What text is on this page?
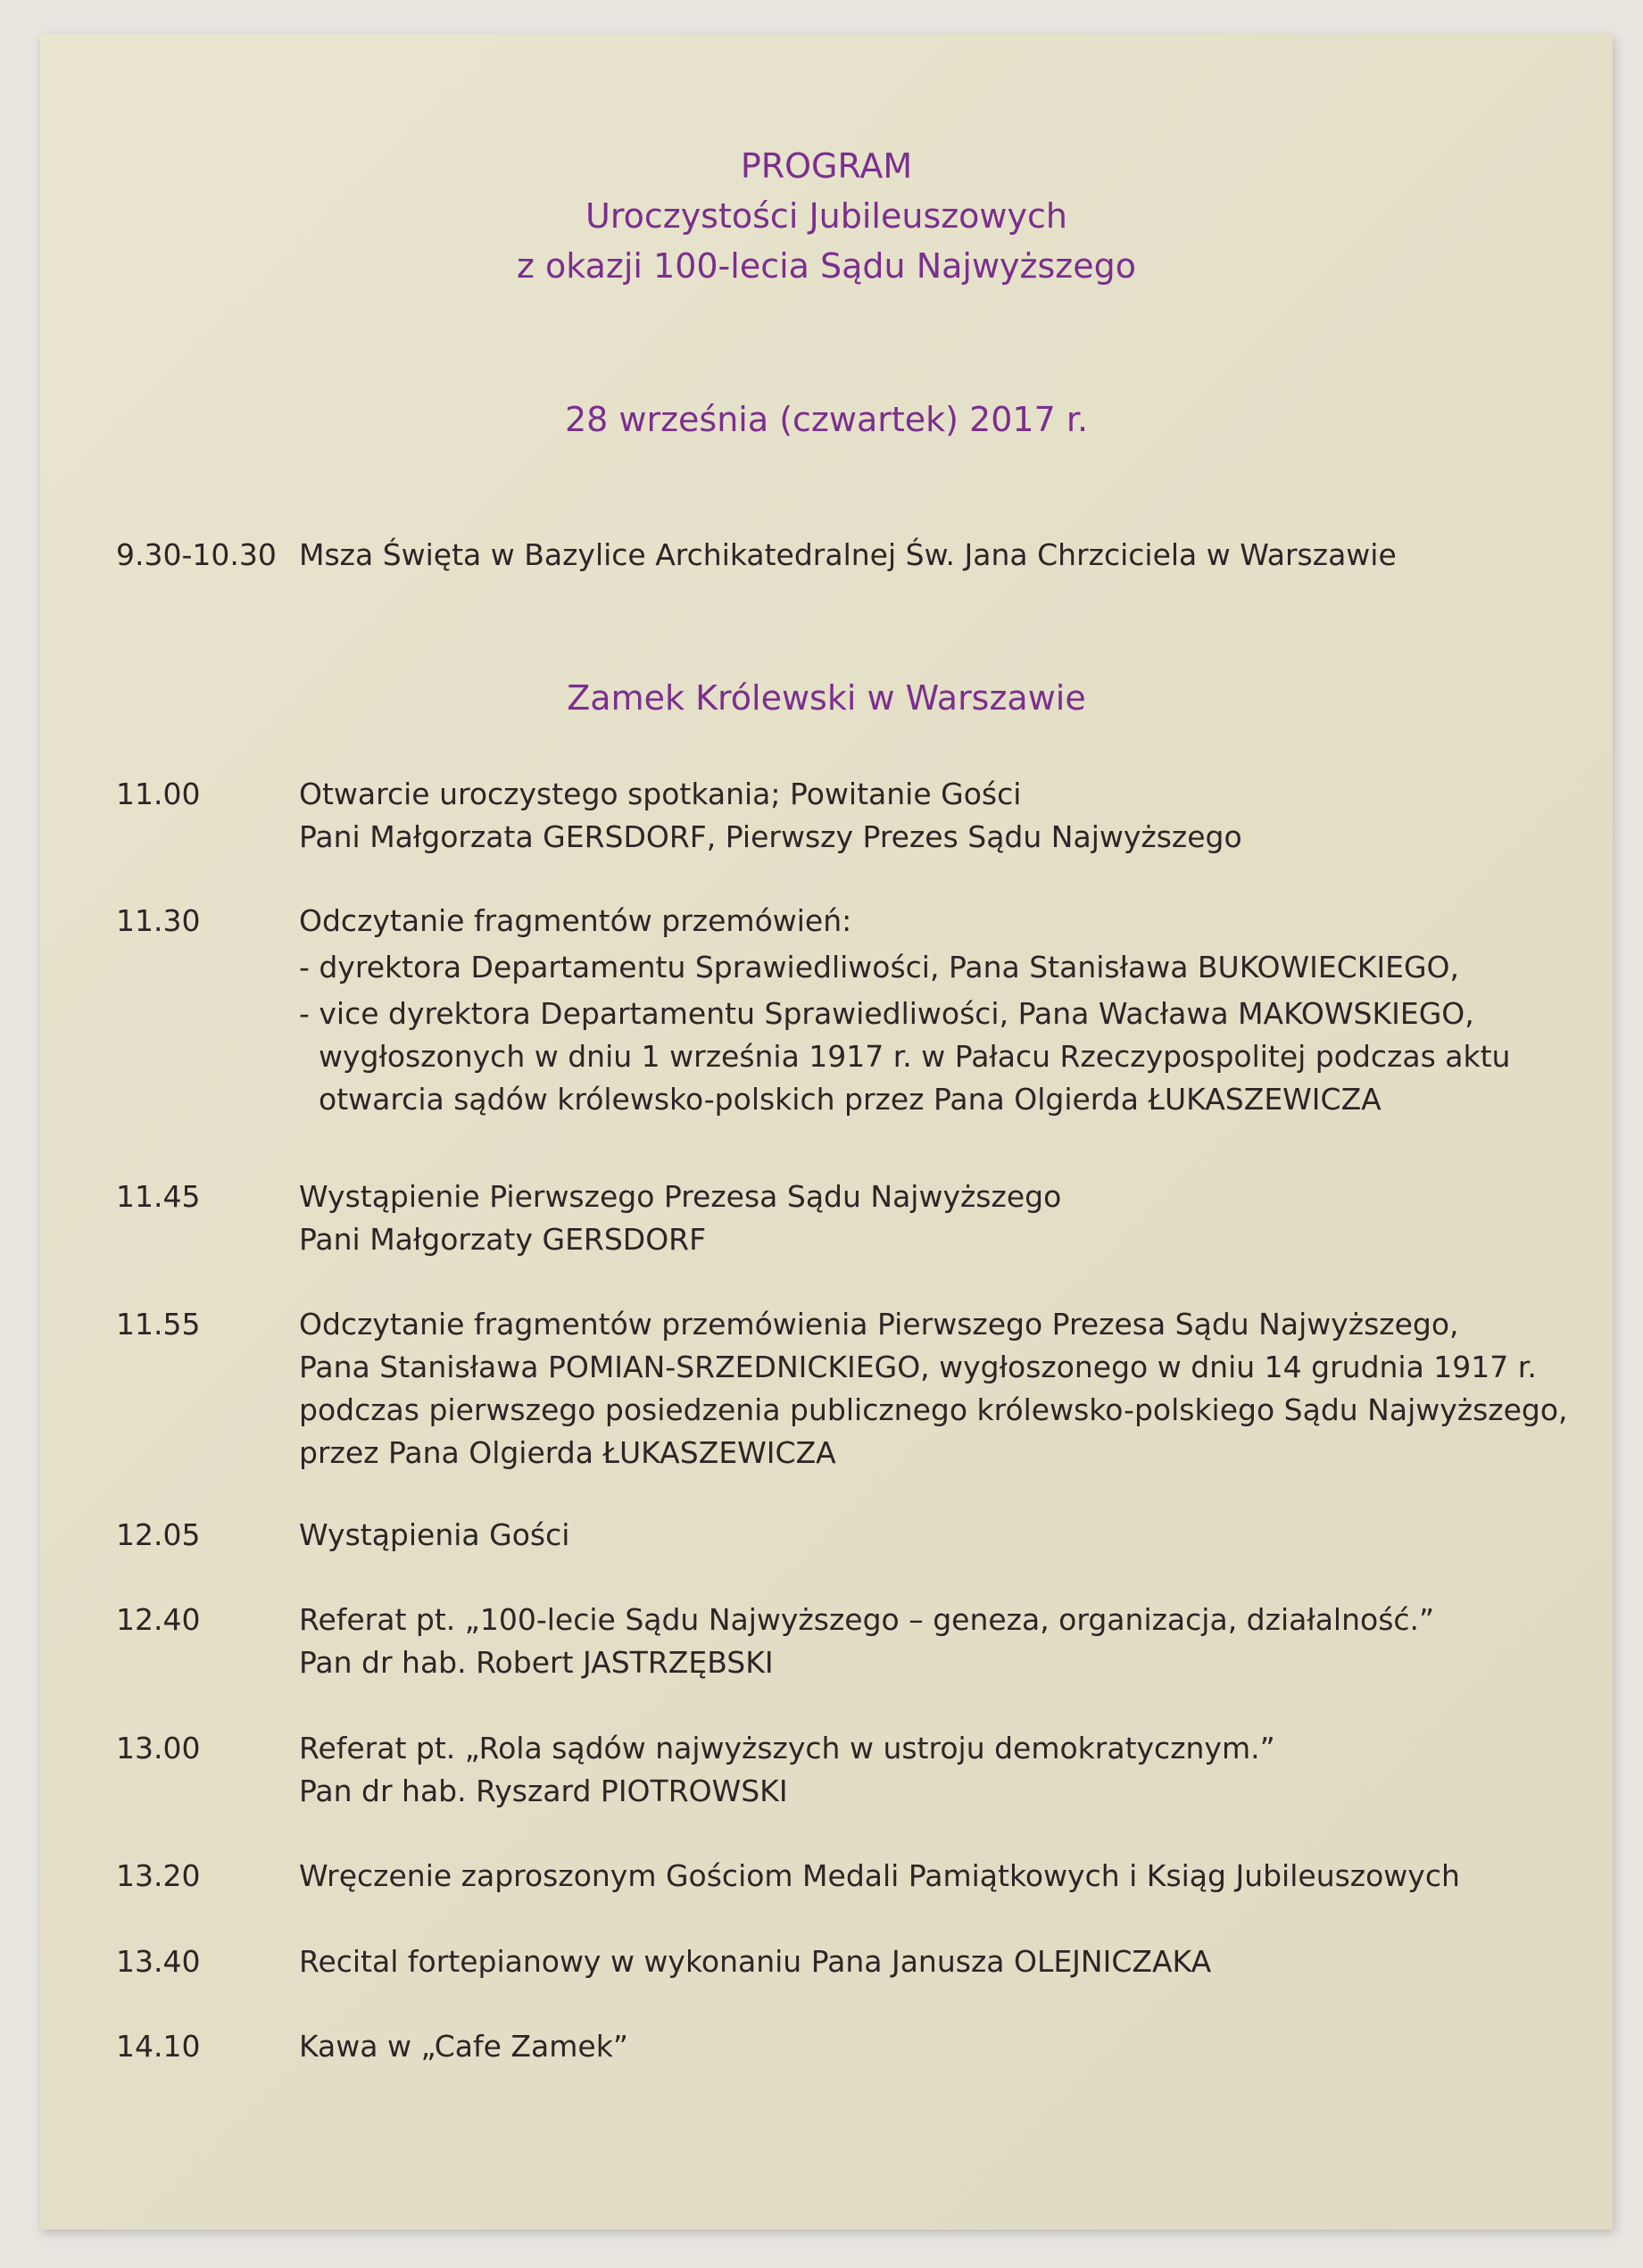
PROGRAM
Uroczystości Jubileuszowych
z okazji 100-lecia Sądu Najwyższego
28 września (czwartek) 2017 r.
9.30-10.30 Msza Święta w Bazylice Archikatedralnej Św. Jana Chrzciciela w Warszawie
Zamek Królewski w Warszawie
11.00	Otwarcie uroczystego spotkania; Powitanie Gości
Pani Małgorzata GERSDORF, Pierwszy Prezes Sądu Najwyższego
11.30	Odczytanie fragmentów przemówień:
- dyrektora Departamentu Sprawiedliwości, Pana Stanisława BUKOWIECKIEGO,
- vice dyrektora Departamentu Sprawiedliwości, Pana Wacława MAKOWSKIEGO,
wygłoszonych w dniu 1 września 1917 r. w Pałacu Rzeczypospolitej podczas aktu
otwarcia sądów królewsko-polskich przez Pana Olgierda ŁUKASZEWICZA
11.45	Wystąpienie Pierwszego Prezesa Sądu Najwyższego
Pani Małgorzaty GERSDORF
11.55	Odczytanie fragmentów przemówienia Pierwszego Prezesa Sądu Najwyższego,
Pana Stanisława POMIAN-SRZEDNICKIEGO, wygłoszonego w dniu 14 grudnia 1917 r.
podczas pierwszego posiedzenia publicznego królewsko-polskiego Sądu Najwyższego,
przez Pana Olgierda ŁUKASZEWICZA
12.05	Wystąpienia Gości
12.40	Referat pt. „100-lecie Sądu Najwyższego – geneza, organizacja, działalność.”
Pan dr hab. Robert JASTRZĘBSKI
13.00	Referat pt. „Rola sądów najwyższych w ustroju demokratycznym.”
Pan dr hab. Ryszard PIOTROWSKI
13.20	Wręczenie zaproszonym Gościom Medali Pamiątkowych i Ksiąg Jubileuszowych
13.40	Recital fortepianowy w wykonaniu Pana Janusza OLEJNICZAKA
14.10	Kawa w „Cafe Zamek”
